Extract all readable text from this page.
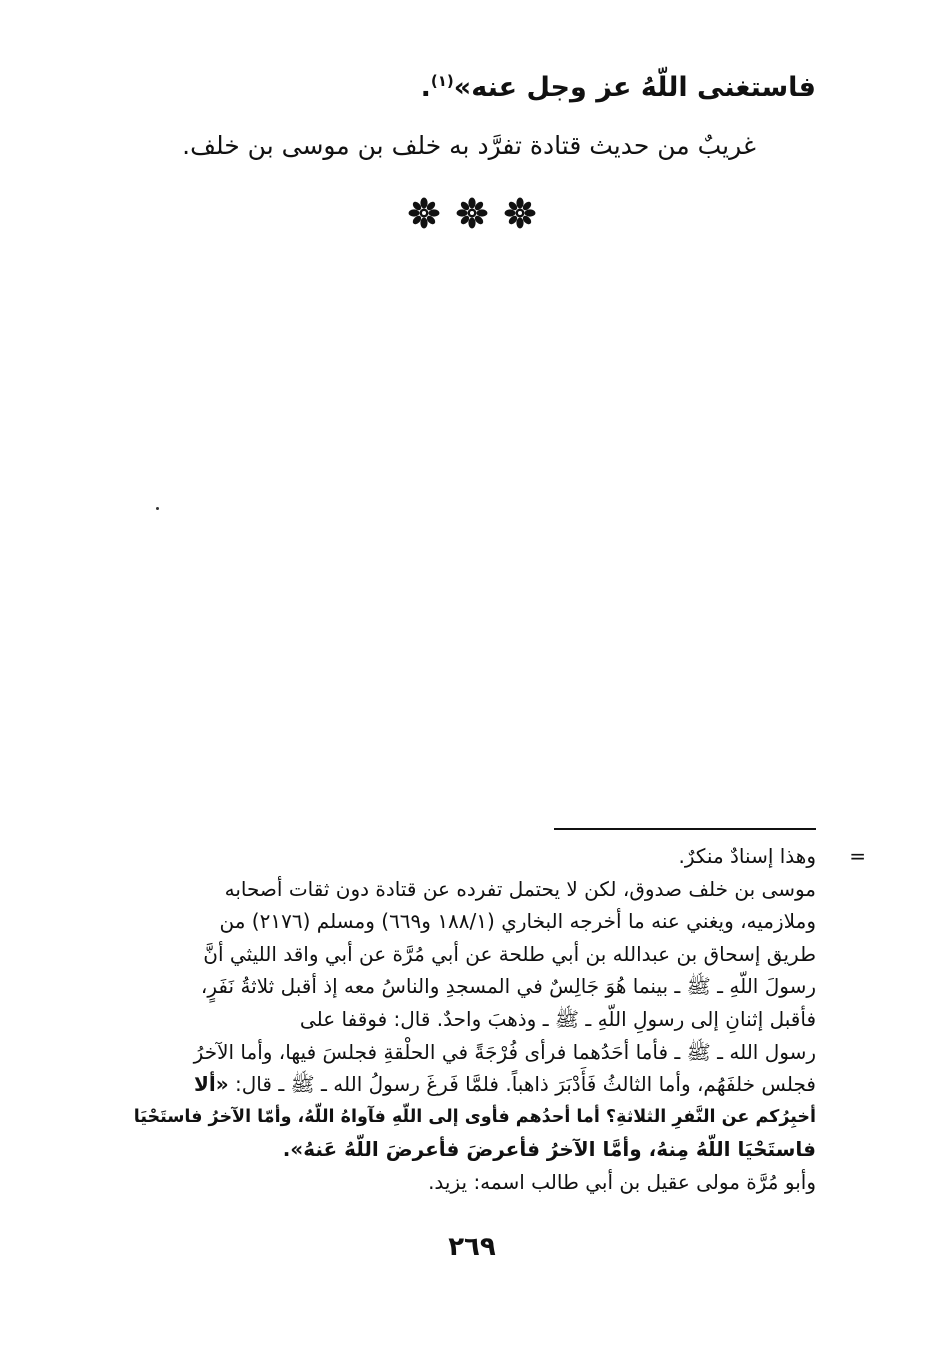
فاستغنى اللّهُ عز وجل عنه»$^{(١)}$.
غريبٌ من حديث قتادة تفرَّد به خلف بن موسى بن خلف.
=
وهذا إسنادٌ منكرٌ.
موسى بن خلف صدوق، لكن لا يحتمل تفرده عن قتادة دون ثقات أصحابه
وملازميه، ويغني عنه ما أخرجه البخاري (١٨٨/١ و٦٦٩) ومسلم (٢١٧٦) من
طريق إسحاق بن عبدالله بن أبي طلحة عن أبي مُرَّة عن أبي واقد الليثي أنَّ
رسولَ اللّهِ ـ ﷺ ـ بينما هُوَ جَالِسٌ في المسجدِ والناسُ معه إذ أقبل ثلاثةُ نَفَرٍ،
فأقبل إثنانِ إلى رسولِ اللّهِ ـ ﷺ ـ وذهبَ واحدٌ. قال: فوقفا على
رسول الله ـ ﷺ ـ فأما أحَدُهما فرأى فُرْجَةً في الحلْقةِ فجلسَ فيها، وأما الآخرُ
فجلس خلفَهُم، وأما الثالثُ فَأَدْبَرَ ذاهباً. فلمَّا فَرغَ رسولُ الله ـ ﷺ ـ قال: «ألا
أخبِرُكم عن النَّفرِ الثلاثةِ؟ أما أحدُهم فأوى إلى اللّهِ فآواهُ اللّهُ، وأمّا الآخرُ فاستَحْيَا
فاستَحْيَا اللّهُ مِنهُ، وأمَّا الآخرُ فأعرضَ فأعرضَ اللّهُ عَنهُ».
وأبو مُرَّة مولى عقيل بن أبي طالب اسمه: يزيد.
٢٦٩
